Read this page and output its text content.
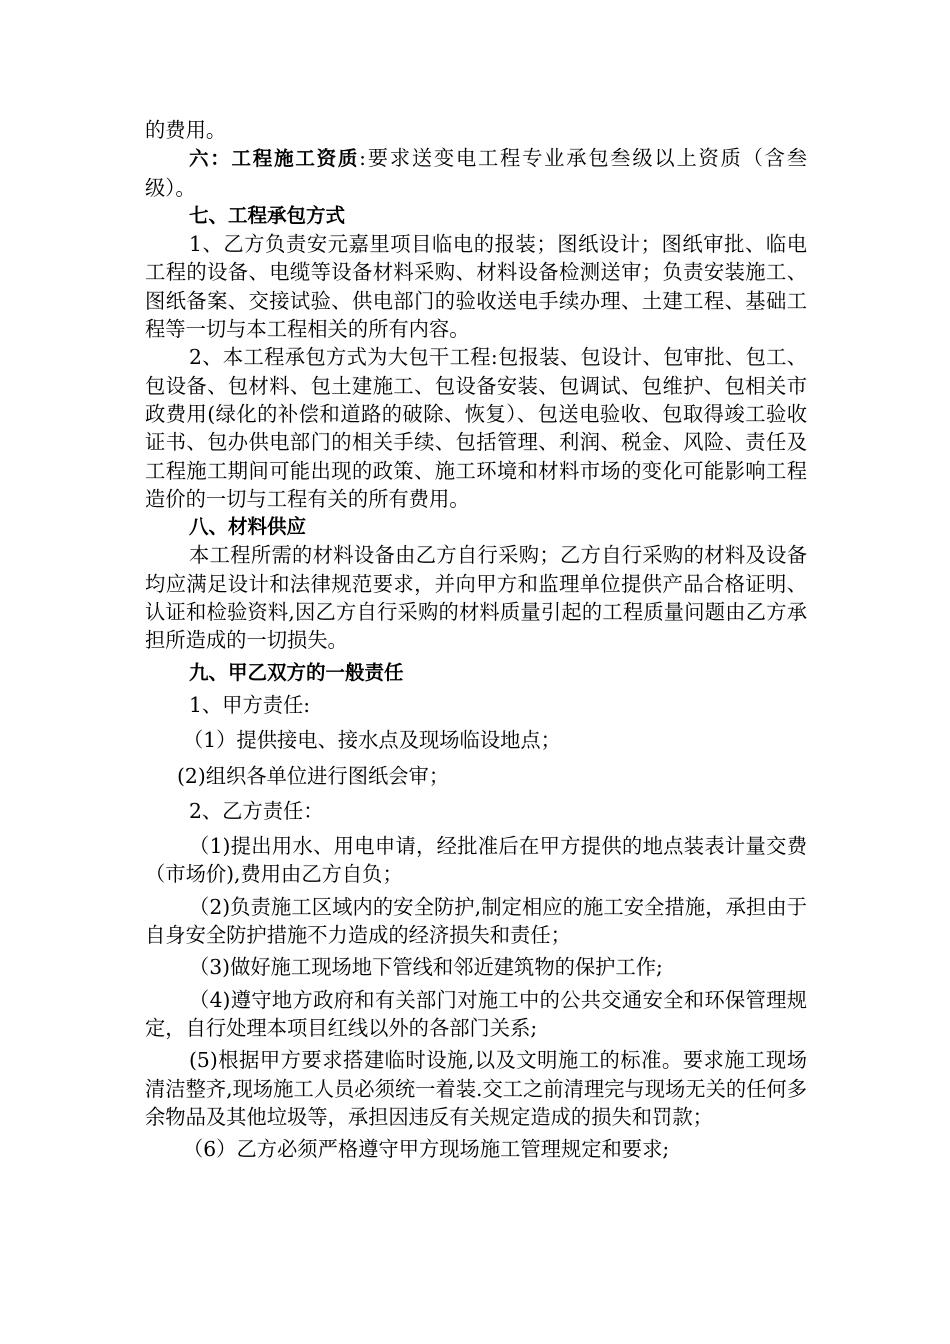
的费用。
六：工程施工资质:要求送变电工程专业承包叁级以上资质（含叁级）。
七、工程承包方式
1、乙方负责安元嘉里项目临电的报装；图纸设计；图纸审批、临电工程的设备、电缆等设备材料采购、材料设备检测送审；负责安装施工、图纸备案、交接试验、供电部门的验收送电手续办理、土建工程、基础工程等一切与本工程相关的所有内容。
2、本工程承包方式为大包干工程:包报装、包设计、包审批、包工、包设备、包材料、包土建施工、包设备安装、包调试、包维护、包相关市政费用(绿化的补偿和道路的破除、恢复）、包送电验收、包取得竣工验收证书、包办供电部门的相关手续、包括管理、利润、税金、风险、责任及工程施工期间可能出现的政策、施工环境和材料市场的变化可能影响工程造价的一切与工程有关的所有费用。
八、材料供应
本工程所需的材料设备由乙方自行采购；乙方自行采购的材料及设备均应满足设计和法律规范要求，并向甲方和监理单位提供产品合格证明、认证和检验资料,因乙方自行采购的材料质量引起的工程质量问题由乙方承担所造成的一切损失。
九、甲乙双方的一般责任
1、甲方责任:
（1）提供接电、接水点及现场临设地点；
(2)组织各单位进行图纸会审；
2、乙方责任：
（1)提出用水、用电申请，经批准后在甲方提供的地点装表计量交费（市场价),费用由乙方自负；
（2)负责施工区域内的安全防护,制定相应的施工安全措施，承担由于自身安全防护措施不力造成的经济损失和责任；
（3)做好施工现场地下管线和邻近建筑物的保护工作;
（4)遵守地方政府和有关部门对施工中的公共交通安全和环保管理规定，自行处理本项目红线以外的各部门关系;
(5)根据甲方要求搭建临时设施,以及文明施工的标准。要求施工现场清洁整齐,现场施工人员必须统一着装.交工之前清理完与现场无关的任何多余物品及其他垃圾等，承担因违反有关规定造成的损失和罚款；
（6）乙方必须严格遵守甲方现场施工管理规定和要求;
